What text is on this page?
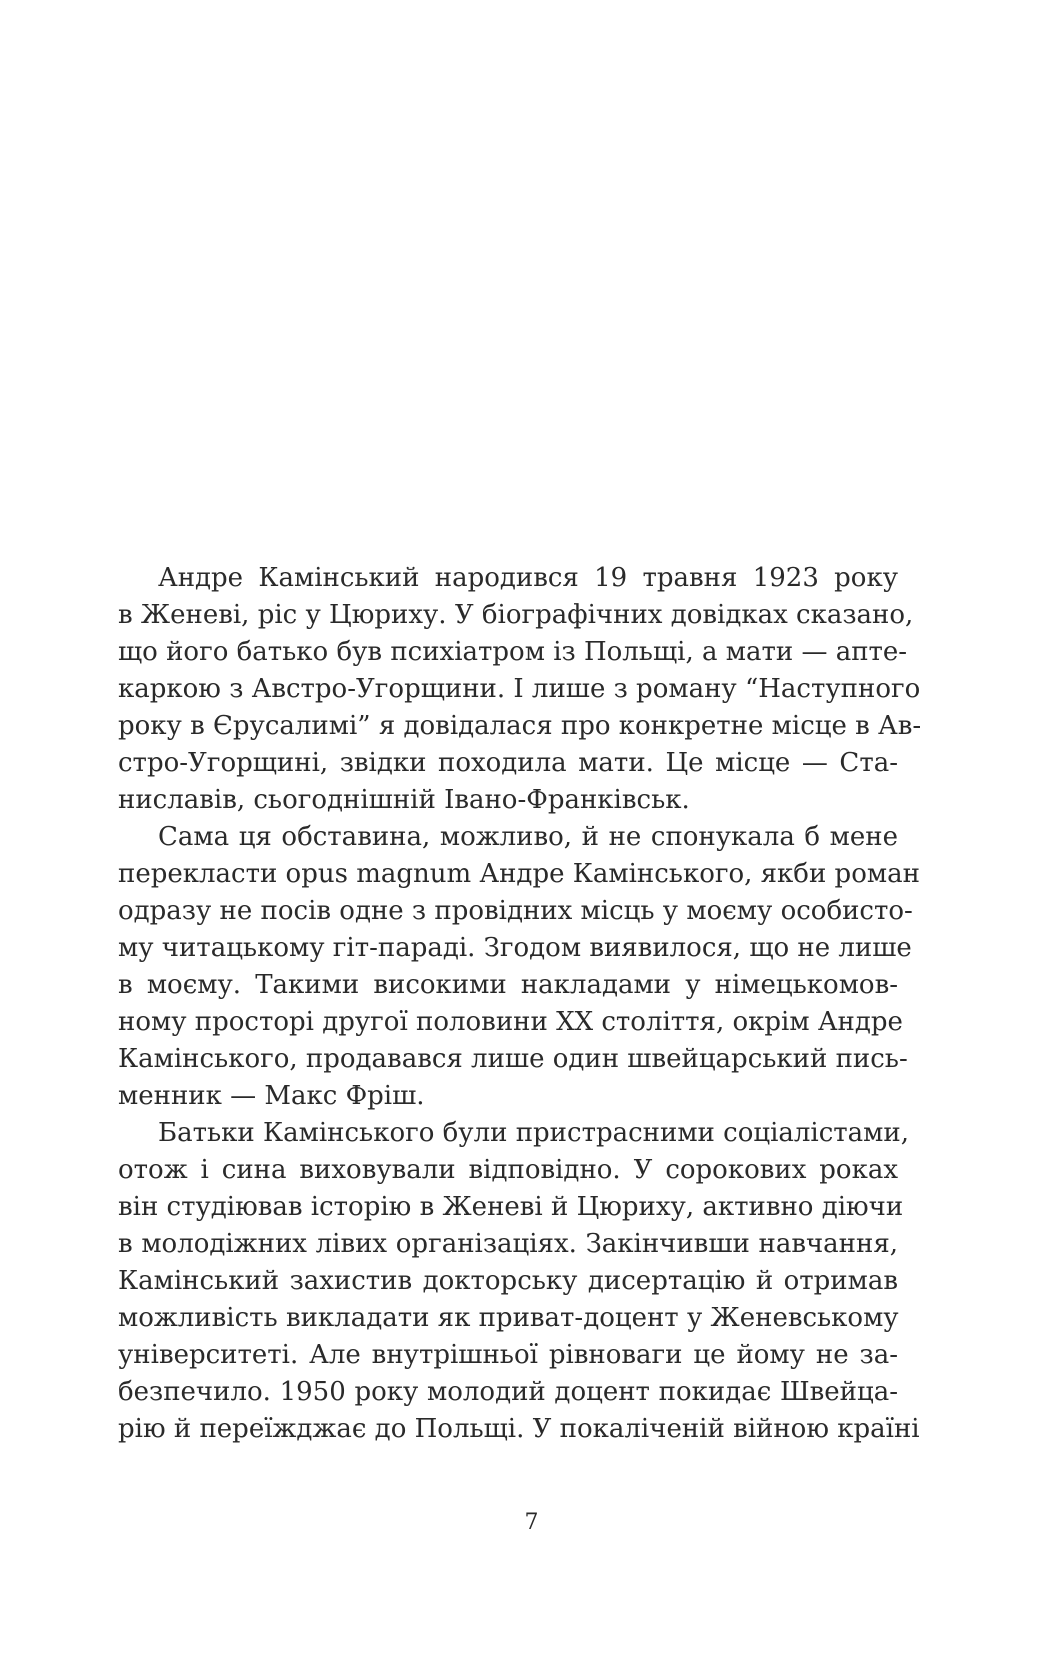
Андре Камінський народився 19 травня 1923 року
в Женеві, ріс у Цюриху. У біографічних довідках сказано,
що його батько був психіатром із Польщі, а мати — апте-
каркою з Австро-Угорщини. І лише з роману “Наступного
року в Єрусалимі” я довідалася про конкретне місце в Ав-
стро-Угорщині, звідки походила мати. Це місце — Ста-
ниславів, сьогоднішній Івано-Франківськ.
Сама ця обставина, можливо, й не спонукала б мене
перекласти opus magnum Андре Камінського, якби роман
одразу не посів одне з провідних місць у моєму особисто-
му читацькому гіт-параді. Згодом виявилося, що не лише
в моєму. Такими високими накладами у німецькомов-
ному просторі другої половини XX століття, окрім Андре
Камінського, продавався лише один швейцарський пись-
менник — Макс Фріш.
Батьки Камінського були пристрасними соціалістами,
отож і сина виховували відповідно. У сорокових роках
він студіював історію в Женеві й Цюриху, активно діючи
в молодіжних лівих організаціях. Закінчивши навчання,
Камінський захистив докторську дисертацію й отримав
можливість викладати як приват-доцент у Женевському
університеті. Але внутрішньої рівноваги це йому не за-
безпечило. 1950 року молодий доцент покидає Швейца-
рію й переїжджає до Польщі. У покаліченій війною країні
7
